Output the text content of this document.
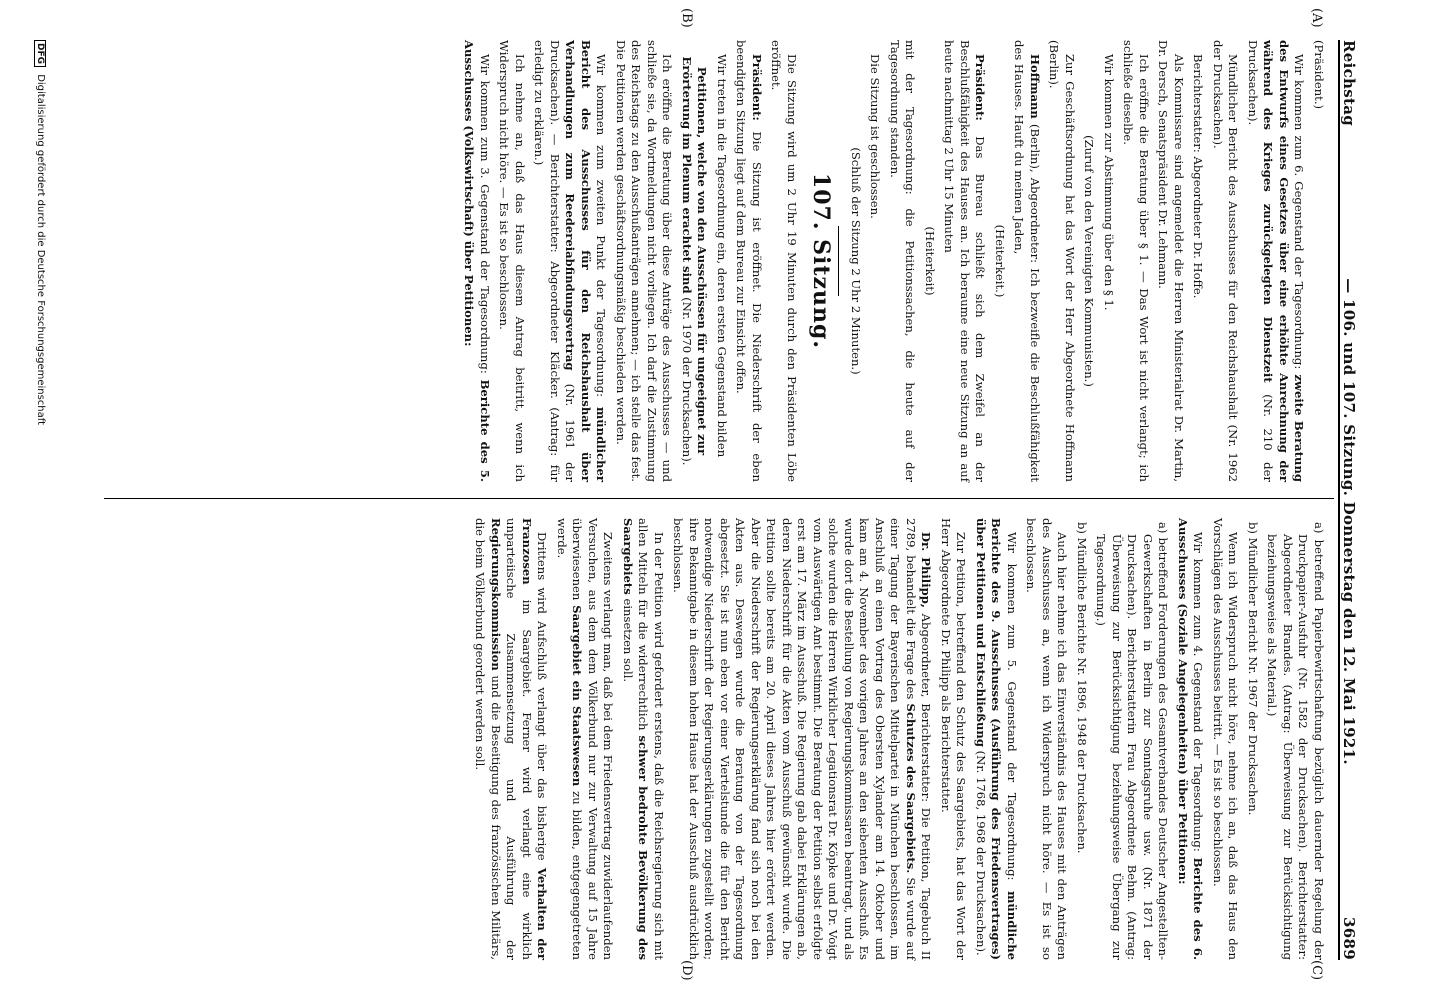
Reichstag
— 106. und 107. Sitzung. Donnerstag den 12. Mai 1921.
3689
(A)
(B)
(C)
(D)

(Präsident.)

Wir kommen zum 6. Gegenstand der Tagesordnung: zweite Beratung des Entwurfs eines Gesetzes über eine erhöhte Anrechnung der während des Krieges zurückgelegten Dienstzeit (Nr. 210 der Drucksachen).

Mündlicher Bericht des Ausschusses für den Reichshaushalt (Nr. 1962 der Drucksachen).

Berichterstatter: Abgeordneter Dr. Hoffe.

Als Kommissare sind angemeldet die Herren Ministerialrat Dr. Martin, Dr. Dersch, Senatspräsident Dr. Lehmann.

Ich eröffne die Beratung über § 1. — Das Wort ist nicht verlangt; ich schließe dieselbe.

Wir kommen zur Abstimmung über den § 1.

(Zuruf von den Vereinigten Kommunisten.)

Zur Geschäftsordnung hat das Wort der Herr Abgeordnete Hoffmann (Berlin).

Hoffmann (Berlin), Abgeordneter: Ich bezweifle die Beschlußfähigkeit des Hauses. Hauft du meinen Jaden,

(Heiterkeit.)

Präsident: Das Bureau schließt sich dem Zweifel an der Beschlußfähigkeit des Hauses an. Ich beraume eine neue Sitzung an auf heute nachmittag 2 Uhr 15 Minuten

(Heiterkeit)

mit der Tagesordnung: die Petitionssachen, die heute auf der Tagesordnung standen.

Die Sitzung ist geschlossen.

(Schluß der Sitzung 2 Uhr 2 Minuten.)

107. Sitzung.

Die Sitzung wird um 2 Uhr 19 Minuten durch den Präsidenten Löbe eröffnet.

Präsident: Die Sitzung ist eröffnet. Die Niederschrift der eben beendigten Sitzung liegt auf dem Bureau zur Einsicht offen.

Wir treten in die Tagesordnung ein, deren ersten Gegenstand bilden

Petitionen, welche von den Ausschüssen für ungeeignet zur Erörterung im Plenum erachtet sind (Nr. 1970 der Drucksachen).

Ich eröffne die Beratung über diese Anträge des Ausschusses — und schließe sie, da Wortmeldungen nicht vorliegen. Ich darf die Zustimmung des Reichstags zu den Ausschußanträgen annehmen; — ich stelle das fest. Die Petitionen werden geschäftsordnungsmäßig beschieden werden.

Wir kommen zum zweiten Punkt der Tagesordnung: mündlicher Bericht des Ausschusses für den Reichshaushalt über Verhandlungen zum Reedereiabfindungsvertrag (Nr. 1961 der Drucksachen). — Berichterstatter: Abgeordneter Kläcker. (Antrag: für erledigt zu erklären.)

Ich nehme an, daß das Haus diesem Antrag beitritt, wenn ich Widerspruch nicht höre. — Es ist so beschlossen.

Wir kommen zum 3. Gegenstand der Tagesordnung: Berichte des 5. Ausschusses (Volkswirtschaft) über Petitionen:

a) betreffend Papierbewirtschaftung bezüglich dauernder Regelung der Druckpapier-Ausfuhr (Nr. 1582 der Drucksachen). Berichterstatter: Abgeordneter Brandes. (Antrag: Überweisung zur Berücksichtigung beziehungsweise als Material.)

b) Mündlicher Bericht Nr. 1967 der Drucksachen.

Wenn ich Widerspruch nicht höre, nehme ich an, daß das Haus den Vorschlägen des Ausschusses beitritt. — Es ist so beschlossen.

Wir kommen zum 4. Gegenstand der Tagesordnung: Berichte des 6. Ausschusses (Soziale Angelegenheiten) über Petitionen:

a) betreffend Forderungen des Gesamtverbandes Deutscher Angestellten-Gewerkschaften in Berlin zur Sonntagsruhe usw. (Nr. 1871 der Drucksachen). Berichterstatterin Frau Abgeordnete Behm. (Antrag: Überweisung zur Berücksichtigung beziehungsweise Übergang zur Tagesordnung.)

b) Mündliche Berichte Nr. 1896, 1948 der Drucksachen.

Auch hier nehme ich das Einverständnis des Hauses mit den Anträgen des Ausschusses an, wenn ich Widerspruch nicht höre. — Es ist so beschlossen.

Wir kommen zum 5. Gegenstand der Tagesordnung: mündliche Berichte des 9. Ausschusses (Ausführung des Friedensvertrages) über Petitionen und Entschließung (Nr. 1768, 1968 der Drucksachen).

Zur Petition, betreffend den Schutz des Saargebiets, hat das Wort der Herr Abgeordnete Dr. Philipp als Berichterstatter.

Dr. Philipp, Abgeordneter, Berichterstatter: Die Petition, Tagebuch II 2789, behandelt die Frage des Schutzes des Saargebiets. Sie wurde auf einer Tagung der Bayerischen Mittelpartei in München beschlossen, im Anschluß an einen Vortrag des Obersten Xylander am 14. Oktober und kam am 4. November des vorigen Jahres an den siebenten Ausschuß. Es wurde dort die Bestellung von Regierungskommissaren beantragt, und als solche wurden die Herren Wirklicher Legationsrat Dr. Köpke und Dr. Voigt vom Auswärtigen Amt bestimmt. Die Beratung der Petition selbst erfolgte erst am 17. März im Ausschuß. Die Regierung gab dabei Erklärungen ab, deren Niederschrift für die Akten vom Ausschuß gewünscht wurde. Die Petition sollte bereits am 20. April dieses Jahres hier erörtert werden. Aber die Niederschrift der Regierungserklärung fand sich noch bei den Akten aus. Deswegen wurde die Beratung von der Tagesordnung abgesetzt. Sie ist nun eben vor einer Viertelstunde die für den Bericht notwendige Niederschrift der Regierungserklärungen zugestellt worden; ihre Bekanntgabe in diesem hohen Hause hat der Ausschuß ausdrücklich beschlossen.

In der Petition wird gefordert erstens, daß die Reichsregierung sich mit allen Mitteln für die widerrechtlich schwer bedrohte Bevölkerung des Saargebiets einsetzen soll.

Zweitens verlangt man, daß bei dem Friedensvertrag zuwiderlaufenden Versuchen, aus dem dem Völkerbund nur zur Verwaltung auf 15 Jahre überwiesenen Saargebiet ein Staatswesen zu bilden, entgegengetreten werde.

Drittens wird Aufschluß verlangt über das bisherige Verhalten der Franzosen im Saargebiet. Ferner wird verlangt eine wirklich unparteiische Zusammensetzung und Ausführung der Regierungskommission und die Beseitigung des französischen Militärs, die beim Völkerbund geordert werden soll.

DFG Digitalisierung gefördert durch die Deutsche Forschungsgemeinschaft
